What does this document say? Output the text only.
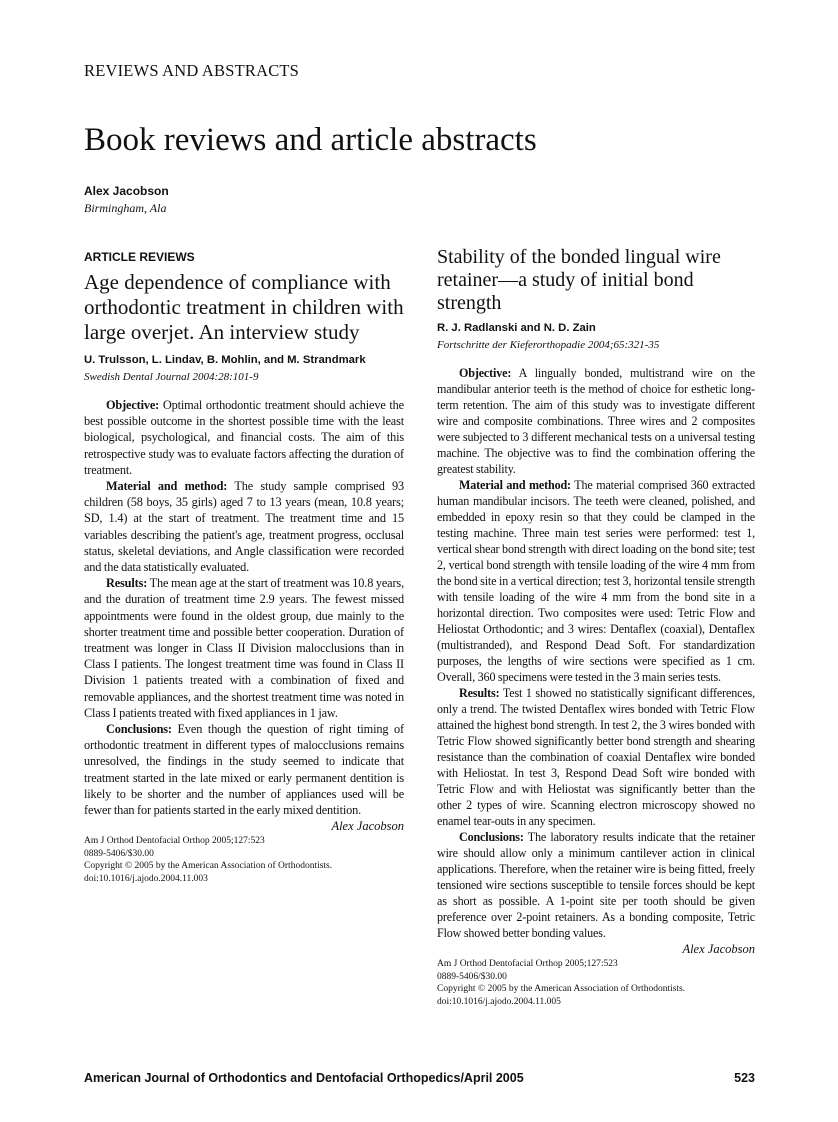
REVIEWS AND ABSTRACTS
Book reviews and article abstracts
Alex Jacobson
Birmingham, Ala
ARTICLE REVIEWS
Age dependence of compliance with orthodontic treatment in children with large overjet. An interview study
U. Trulsson, L. Lindav, B. Mohlin, and M. Strandmark
Swedish Dental Journal 2004:28:101-9

Objective: Optimal orthodontic treatment should achieve the best possible outcome in the shortest possible time with the least biological, psychological, and financial costs. The aim of this retrospective study was to evaluate factors affecting the duration of treatment.

Material and method: The study sample comprised 93 children (58 boys, 35 girls) aged 7 to 13 years (mean, 10.8 years; SD, 1.4) at the start of treatment. The treatment time and 15 variables describing the patient's age, treatment progress, occlusal status, skeletal deviations, and Angle classification were recorded and the data statistically evaluated.

Results: The mean age at the start of treatment was 10.8 years, and the duration of treatment time 2.9 years. The fewest missed appointments were found in the oldest group, due mainly to the shorter treatment time and possible better cooperation. Duration of treatment was longer in Class II Division malocclusions than in Class I patients. The longest treatment time was found in Class II Division 1 patients treated with a combination of fixed and removable appliances, and the shortest treatment time was noted in Class I patients treated with fixed appliances in 1 jaw.

Conclusions: Even though the question of right timing of orthodontic treatment in different types of malocclusions remains unresolved, the findings in the study seemed to indicate that treatment started in the late mixed or early permanent dentition is likely to be shorter and the number of appliances used will be fewer than for patients started in the early mixed dentition.

Alex Jacobson
Am J Orthod Dentofacial Orthop 2005;127:523
0889-5406/$30.00
Copyright © 2005 by the American Association of Orthodontists.
doi:10.1016/j.ajodo.2004.11.003
Stability of the bonded lingual wire retainer—a study of initial bond strength
R. J. Radlanski and N. D. Zain
Fortschritte der Kieferorthopadie 2004;65:321-35

Objective: A lingually bonded, multistrand wire on the mandibular anterior teeth is the method of choice for esthetic long-term retention. The aim of this study was to investigate different wire and composite combinations. Three wires and 2 composites were subjected to 3 different mechanical tests on a universal testing machine. The objective was to find the combination offering the greatest stability.

Material and method: The material comprised 360 extracted human mandibular incisors. The teeth were cleaned, polished, and embedded in epoxy resin so that they could be clamped in the testing machine. Three main test series were performed: test 1, vertical shear bond strength with direct loading on the bond site; test 2, vertical bond strength with tensile loading of the wire 4 mm from the bond site in a vertical direction; test 3, horizontal tensile strength with tensile loading of the wire 4 mm from the bond site in a horizontal direction. Two composites were used: Tetric Flow and Heliostat Orthodontic; and 3 wires: Dentaflex (coaxial), Dentaflex (multistranded), and Respond Dead Soft. For standardization purposes, the lengths of wire sections were specified as 1 cm. Overall, 360 specimens were tested in the 3 main series tests.

Results: Test 1 showed no statistically significant differences, only a trend. The twisted Dentaflex wires bonded with Tetric Flow attained the highest bond strength. In test 2, the 3 wires bonded with Tetric Flow showed significantly better bond strength and shearing resistance than the combination of coaxial Dentaflex wire bonded with Heliostat. In test 3, Respond Dead Soft wire bonded with Tetric Flow and with Heliostat was significantly better than the other 2 types of wire. Scanning electron microscopy showed no enamel tear-outs in any specimen.

Conclusions: The laboratory results indicate that the retainer wire should allow only a minimum cantilever action in clinical applications. Therefore, when the retainer wire is being fitted, freely tensioned wire sections susceptible to tensile forces should be kept as short as possible. A 1-point site per tooth should be given preference over 2-point retainers. As a bonding composite, Tetric Flow showed better bonding values.

Alex Jacobson
Am J Orthod Dentofacial Orthop 2005;127:523
0889-5406/$30.00
Copyright © 2005 by the American Association of Orthodontists.
doi:10.1016/j.ajodo.2004.11.005
American Journal of Orthodontics and Dentofacial Orthopedics/April 2005	523
